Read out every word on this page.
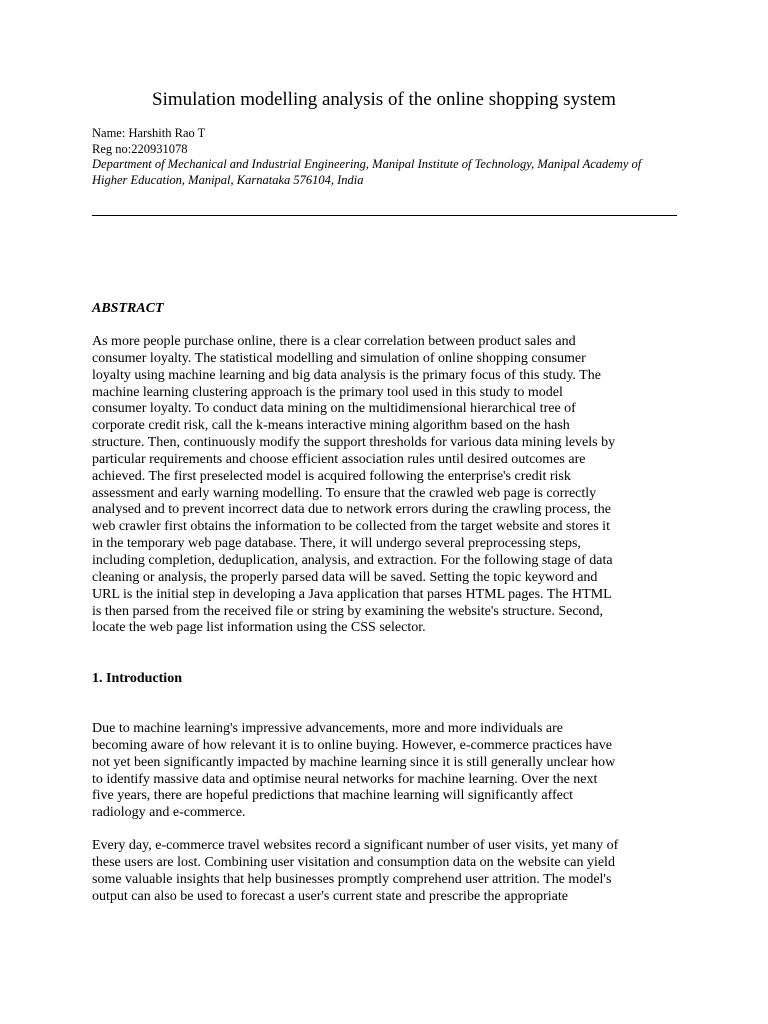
Simulation modelling analysis of the online shopping system
Name: Harshith Rao T
Reg no:220931078
Department of Mechanical and Industrial Engineering, Manipal Institute of Technology, Manipal Academy of
Higher Education, Manipal, Karnataka 576104, India
ABSTRACT
As more people purchase online, there is a clear correlation between product sales and
consumer loyalty. The statistical modelling and simulation of online shopping consumer
loyalty using machine learning and big data analysis is the primary focus of this study. The
machine learning clustering approach is the primary tool used in this study to model
consumer loyalty. To conduct data mining on the multidimensional hierarchical tree of
corporate credit risk, call the k-means interactive mining algorithm based on the hash
structure. Then, continuously modify the support thresholds for various data mining levels by
particular requirements and choose efficient association rules until desired outcomes are
achieved. The first preselected model is acquired following the enterprise's credit risk
assessment and early warning modelling. To ensure that the crawled web page is correctly
analysed and to prevent incorrect data due to network errors during the crawling process, the
web crawler first obtains the information to be collected from the target website and stores it
in the temporary web page database. There, it will undergo several preprocessing steps,
including completion, deduplication, analysis, and extraction. For the following stage of data
cleaning or analysis, the properly parsed data will be saved. Setting the topic keyword and
URL is the initial step in developing a Java application that parses HTML pages. The HTML
is then parsed from the received file or string by examining the website's structure. Second,
locate the web page list information using the CSS selector.
1. Introduction
Due to machine learning's impressive advancements, more and more individuals are
becoming aware of how relevant it is to online buying. However, e-commerce practices have
not yet been significantly impacted by machine learning since it is still generally unclear how
to identify massive data and optimise neural networks for machine learning. Over the next
five years, there are hopeful predictions that machine learning will significantly affect
radiology and e-commerce.
Every day, e-commerce travel websites record a significant number of user visits, yet many of
these users are lost. Combining user visitation and consumption data on the website can yield
some valuable insights that help businesses promptly comprehend user attrition. The model's
output can also be used to forecast a user's current state and prescribe the appropriate
